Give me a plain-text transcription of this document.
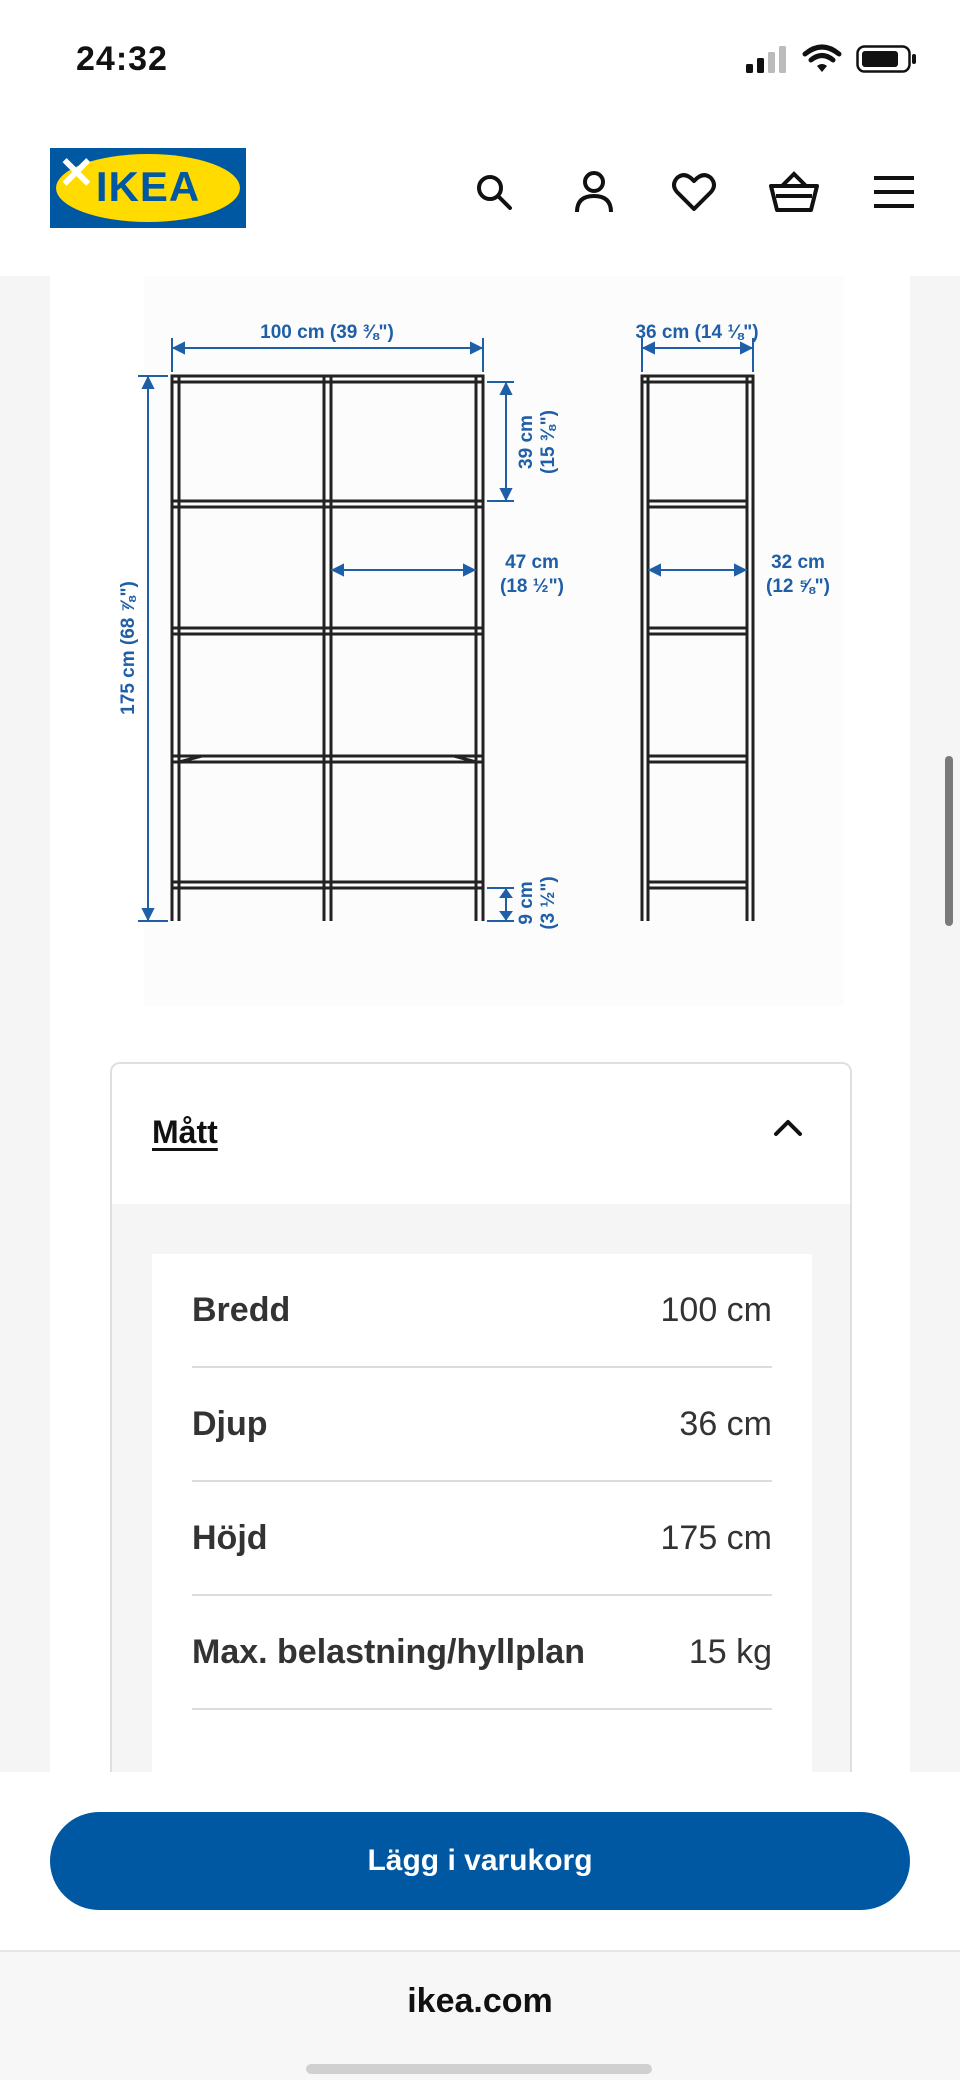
24:32
IKEA
✕
100 cm (39 ⅜")	36 cm (14 ⅛")
175 cm (68 ⅞")
39 cm (15 ⅜")
47 cm
(18 ½")
32 cm
(12 ⅝")
9 cm (3 ½")
Mått
Bredd	100 cm
Djup	36 cm
Höjd	175 cm
Max. belastning/hyllplan	15 kg
Lägg i varukorg
ikea.com
